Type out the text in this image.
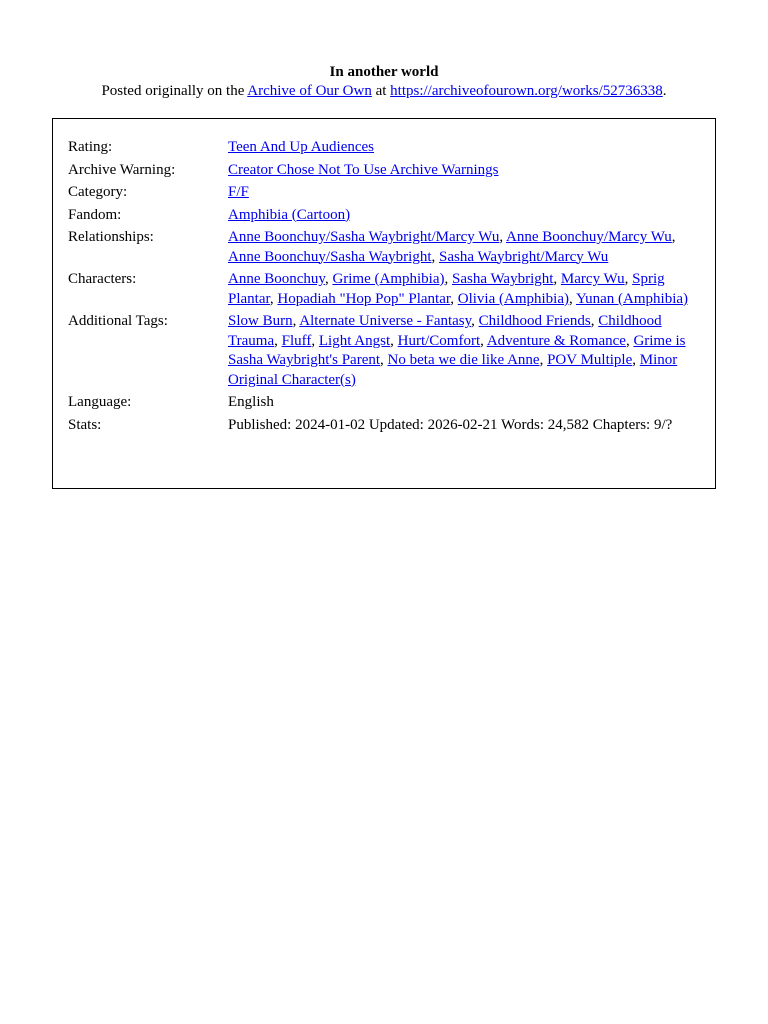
In another world
Posted originally on the Archive of Our Own at https://archiveofourown.org/works/52736338.
Rating:	Teen And Up Audiences
Archive Warning:	Creator Chose Not To Use Archive Warnings
Category:	F/F
Fandom:	Amphibia (Cartoon)
Relationships:	Anne Boonchuy/Sasha Waybright/Marcy Wu, Anne Boonchuy/Marcy Wu, Anne Boonchuy/Sasha Waybright, Sasha Waybright/Marcy Wu
Characters:	Anne Boonchuy, Grime (Amphibia), Sasha Waybright, Marcy Wu, Sprig Plantar, Hopadiah "Hop Pop" Plantar, Olivia (Amphibia), Yunan (Amphibia)
Additional Tags:	Slow Burn, Alternate Universe - Fantasy, Childhood Friends, Childhood Trauma, Fluff, Light Angst, Hurt/Comfort, Adventure & Romance, Grime is Sasha Waybright's Parent, No beta we die like Anne, POV Multiple, Minor Original Character(s)
Language:	English
Stats:	Published: 2024-01-02 Updated: 2026-02-21 Words: 24,582 Chapters: 9/?
